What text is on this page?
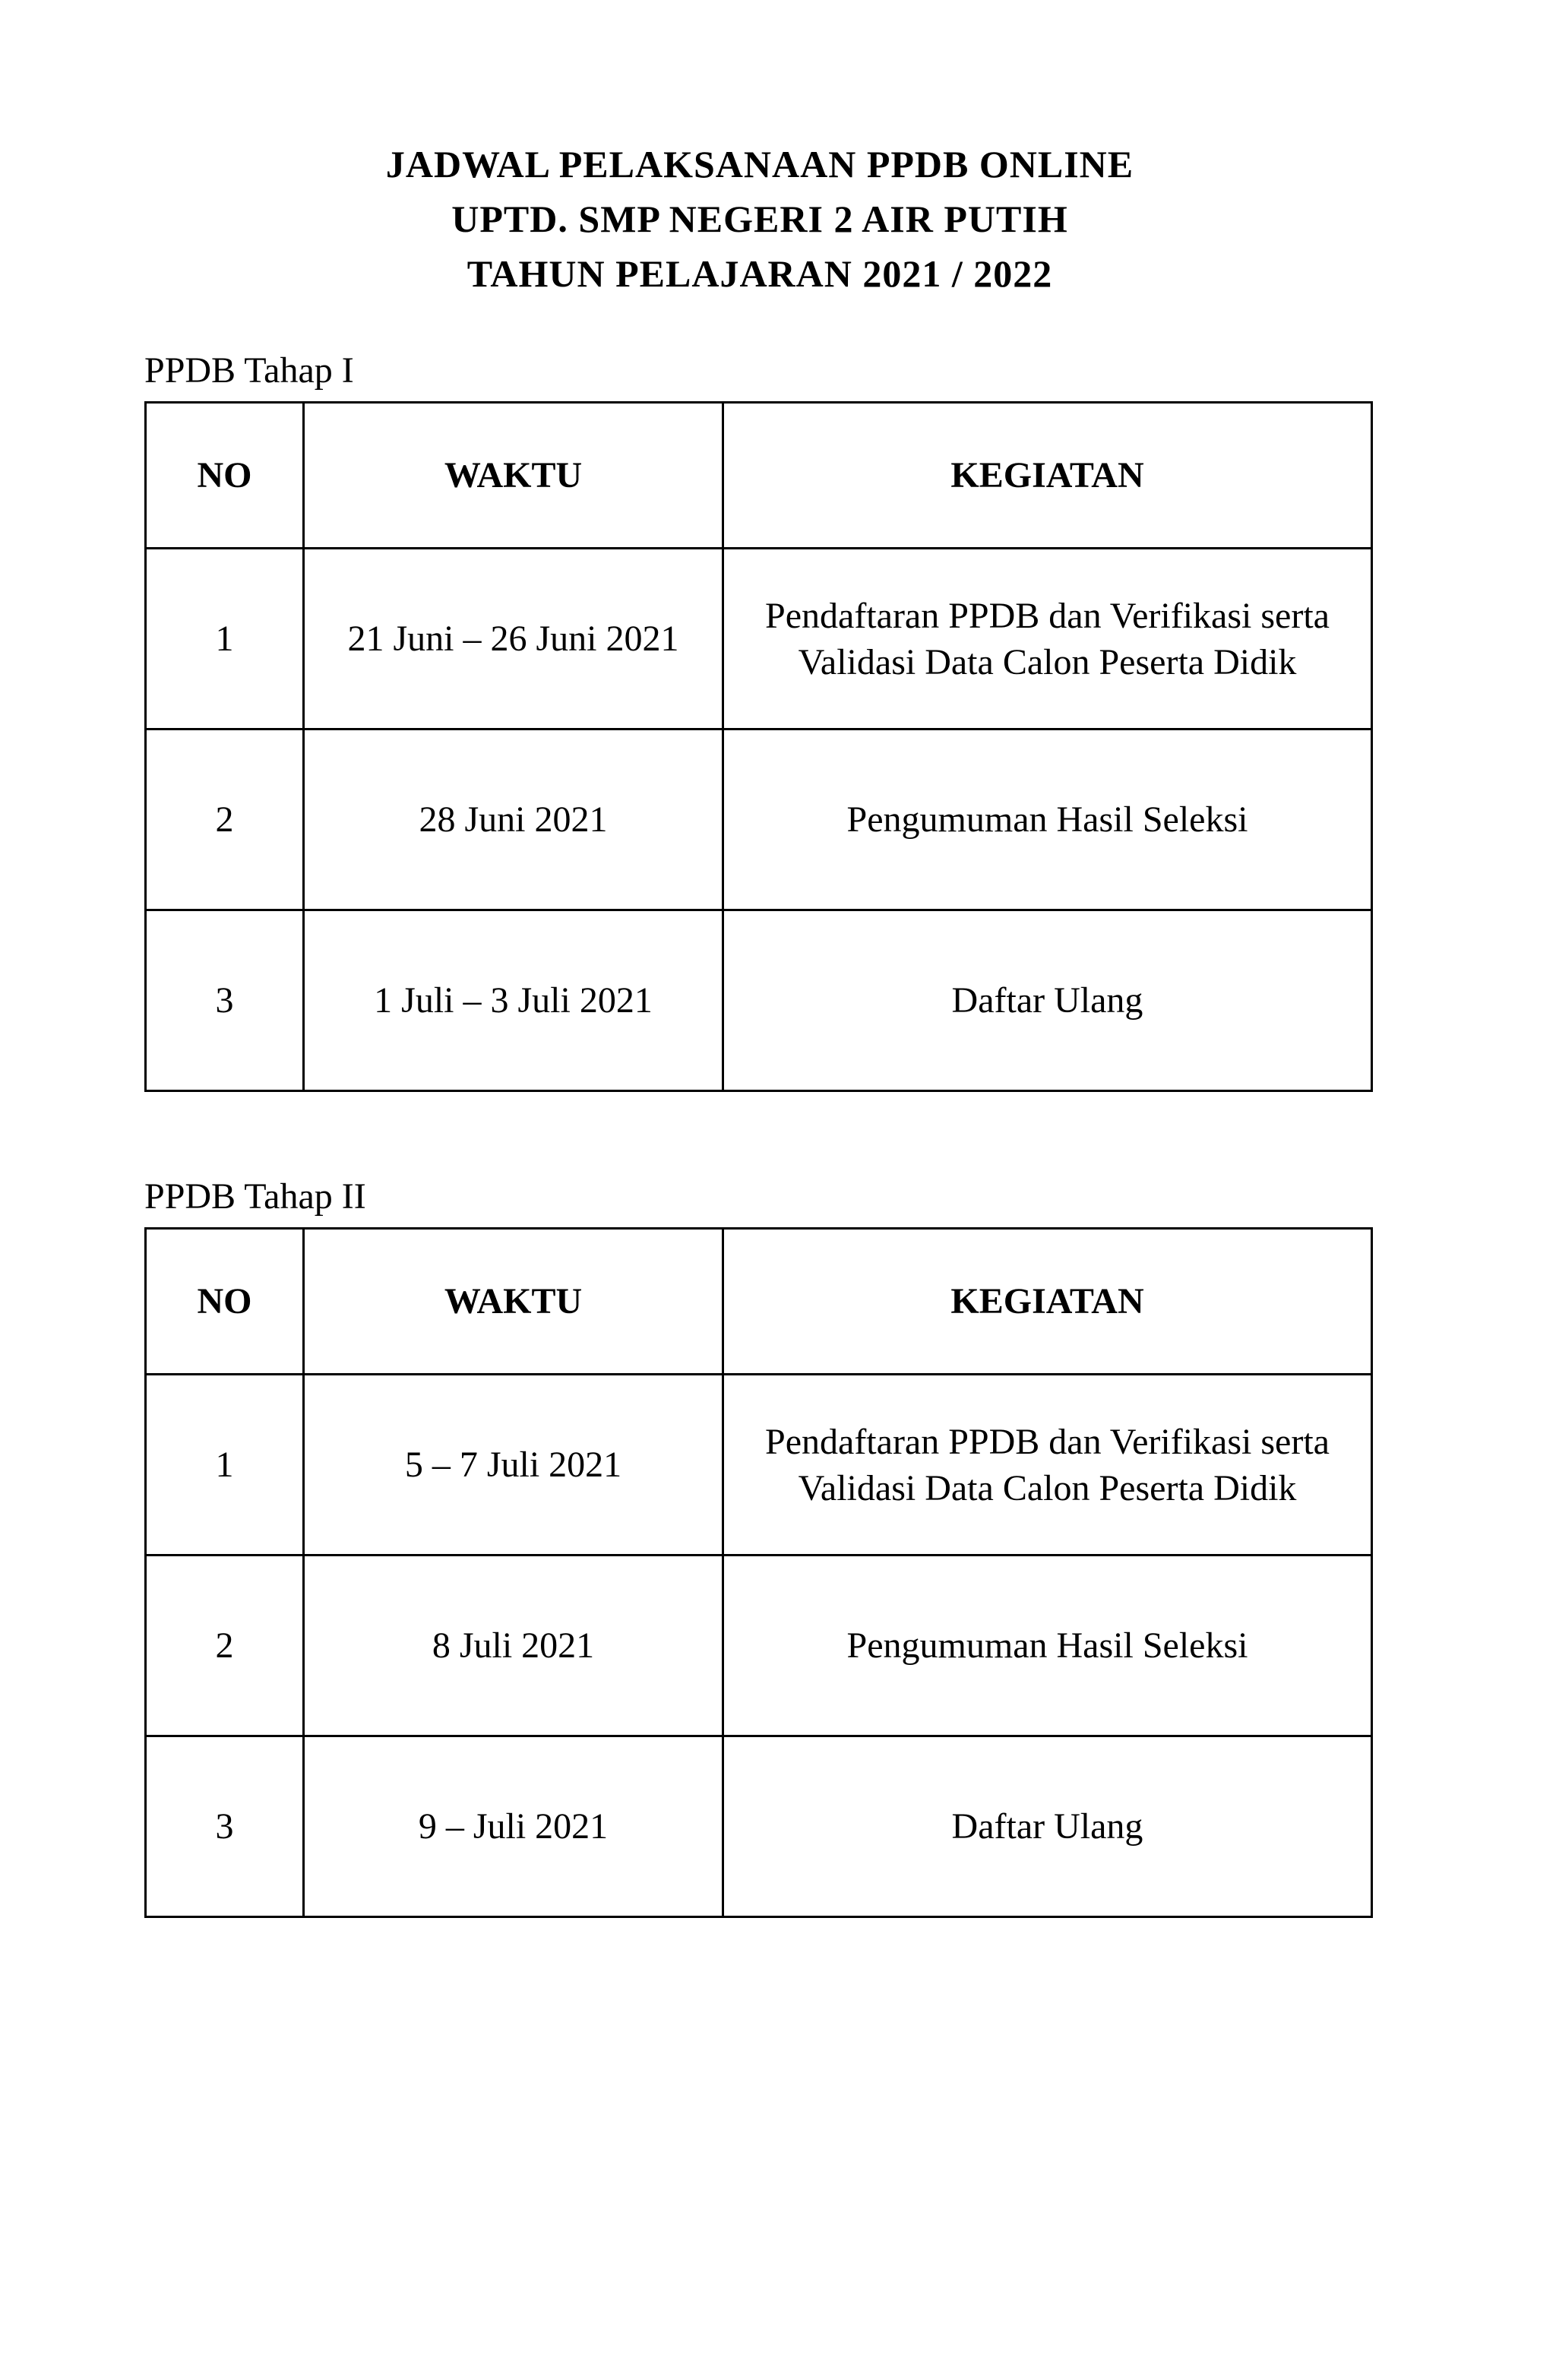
JADWAL PELAKSANAAN PPDB ONLINE
UPTD. SMP NEGERI 2 AIR PUTIH
TAHUN PELAJARAN 2021 / 2022
PPDB Tahap I
NO	WAKTU	KEGIATAN
1	21 Juni – 26 Juni 2021	Pendaftaran PPDB dan Verifikasi serta Validasi Data Calon Peserta Didik
2	28 Juni 2021	Pengumuman Hasil Seleksi
3	1 Juli – 3 Juli 2021	Daftar Ulang
PPDB Tahap II
NO	WAKTU	KEGIATAN
1	5 – 7 Juli 2021	Pendaftaran PPDB dan Verifikasi serta Validasi Data Calon Peserta Didik
2	8 Juli 2021	Pengumuman Hasil Seleksi
3	9 – Juli 2021	Daftar Ulang
